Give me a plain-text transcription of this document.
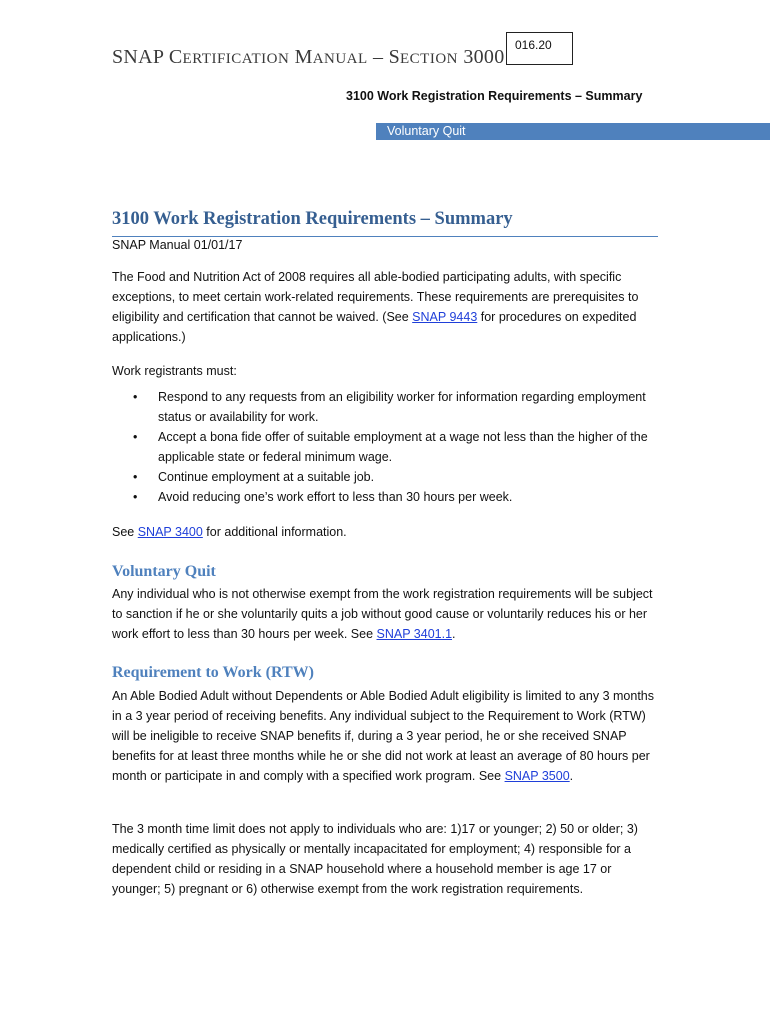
SNAP CERTIFICATION MANUAL – SECTION 3000
016.20
3100 Work Registration Requirements – Summary
Voluntary Quit
3100 Work Registration Requirements – Summary
SNAP Manual 01/01/17

The Food and Nutrition Act of 2008 requires all able-bodied participating adults, with specific exceptions, to meet certain work-related requirements. These requirements are prerequisites to eligibility and certification that cannot be waived. (See SNAP 9443 for procedures on expedited applications.)

Work registrants must:
• Respond to any requests from an eligibility worker for information regarding employment status or availability for work.
• Accept a bona fide offer of suitable employment at a wage not less than the higher of the applicable state or federal minimum wage.
• Continue employment at a suitable job.
• Avoid reducing one’s work effort to less than 30 hours per week.

See SNAP 3400 for additional information.

Voluntary Quit

Any individual who is not otherwise exempt from the work registration requirements will be subject to sanction if he or she voluntarily quits a job without good cause or voluntarily reduces his or her work effort to less than 30 hours per week. See SNAP 3401.1.

Requirement to Work (RTW)

An Able Bodied Adult without Dependents or Able Bodied Adult eligibility is limited to any 3 months in a 3 year period of receiving benefits. Any individual subject to the Requirement to Work (RTW) will be ineligible to receive SNAP benefits if, during a 3 year period, he or she received SNAP benefits for at least three months while he or she did not work at least an average of 80 hours per month or participate in and comply with a specified work program. See SNAP 3500.

The 3 month time limit does not apply to individuals who are: 1)17 or younger; 2) 50 or older; 3) medically certified as physically or mentally incapacitated for employment; 4) responsible for a dependent child or residing in a SNAP household where a household member is age 17 or younger; 5) pregnant or 6) otherwise exempt from the work registration requirements.
